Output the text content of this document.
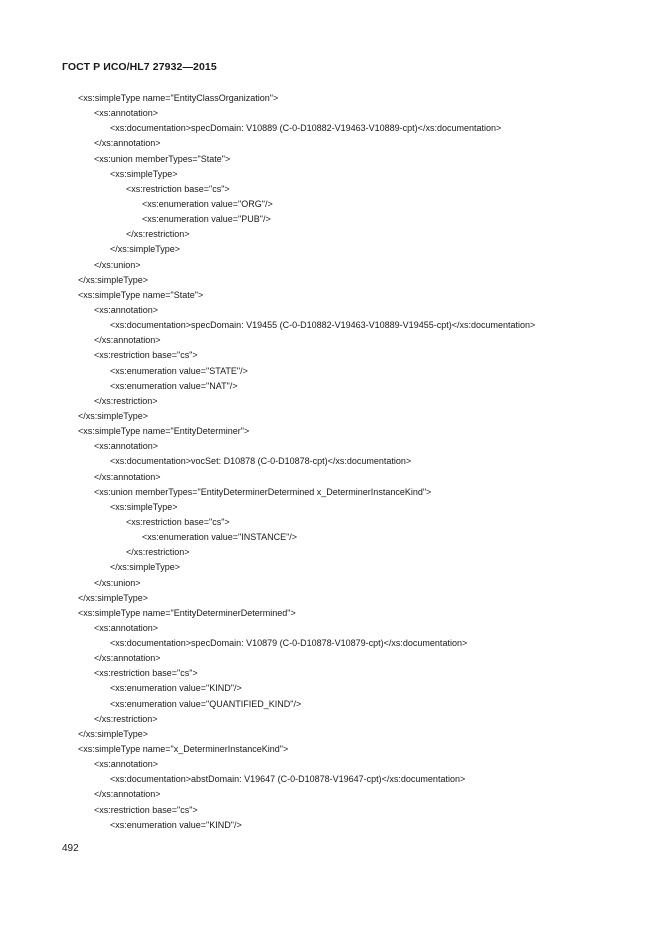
ГОСТ Р ИСО/HL7 27932—2015
<xs:simpleType name="EntityClassOrganization">
<xs:annotation>
<xs:documentation>specDomain: V10889 (C-0-D10882-V19463-V10889-cpt)</xs:documentation>
</xs:annotation>
<xs:union memberTypes="State">
<xs:simpleType>
<xs:restriction base="cs">
<xs:enumeration value="ORG"/>
<xs:enumeration value="PUB"/>
</xs:restriction>
</xs:simpleType>
</xs:union>
</xs:simpleType>
<xs:simpleType name="State">
<xs:annotation>
<xs:documentation>specDomain: V19455 (C-0-D10882-V19463-V10889-V19455-cpt)</xs:documentation>
</xs:annotation>
<xs:restriction base="cs">
<xs:enumeration value="STATE"/>
<xs:enumeration value="NAT"/>
</xs:restriction>
</xs:simpleType>
<xs:simpleType name="EntityDeterminer">
<xs:annotation>
<xs:documentation>vocSet: D10878 (C-0-D10878-cpt)</xs:documentation>
</xs:annotation>
<xs:union memberTypes="EntityDeterminerDetermined x_DeterminerInstanceKind">
<xs:simpleType>
<xs:restriction base="cs">
<xs:enumeration value="INSTANCE"/>
</xs:restriction>
</xs:simpleType>
</xs:union>
</xs:simpleType>
<xs:simpleType name="EntityDeterminerDetermined">
<xs:annotation>
<xs:documentation>specDomain: V10879 (C-0-D10878-V10879-cpt)</xs:documentation>
</xs:annotation>
<xs:restriction base="cs">
<xs:enumeration value="KIND"/>
<xs:enumeration value="QUANTIFIED_KIND"/>
</xs:restriction>
</xs:simpleType>
<xs:simpleType name="x_DeterminerInstanceKind">
<xs:annotation>
<xs:documentation>abstDomain: V19647 (C-0-D10878-V19647-cpt)</xs:documentation>
</xs:annotation>
<xs:restriction base="cs">
<xs:enumeration value="KIND"/>
492
